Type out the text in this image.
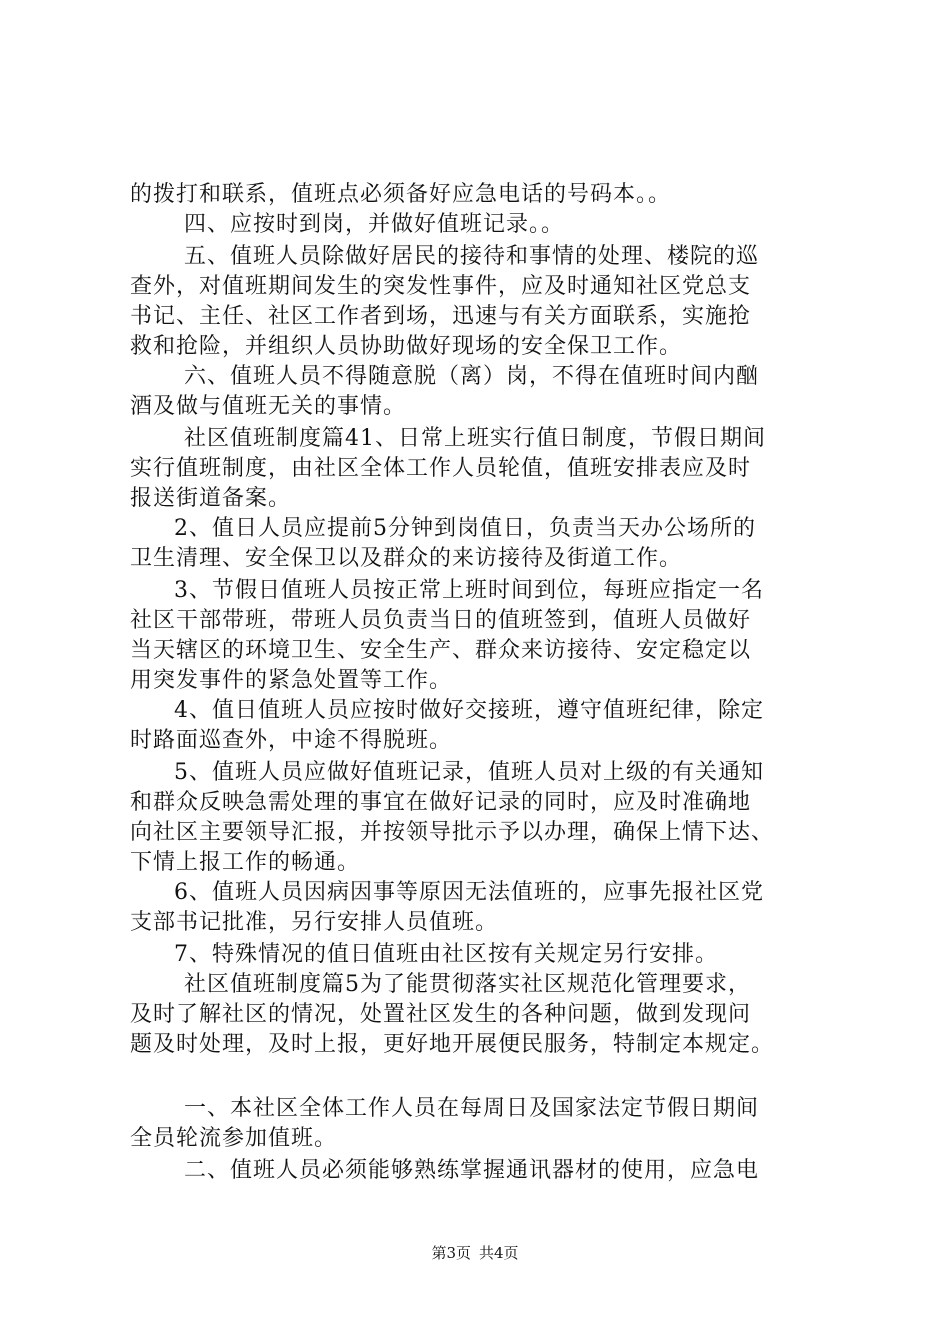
的拨打和联系，值班点必须备好应急电话的号码本。。
四、应按时到岗，并做好值班记录。。
五、值班人员除做好居民的接待和事情的处理、楼院的巡
查外，对值班期间发生的突发性事件，应及时通知社区党总支
书记、主任、社区工作者到场，迅速与有关方面联系，实施抢
救和抢险，并组织人员协助做好现场的安全保卫工作。
六、值班人员不得随意脱（离）岗，不得在值班时间内酗
酒及做与值班无关的事情。
社区值班制度篇41、日常上班实行值日制度，节假日期间
实行值班制度，由社区全体工作人员轮值，值班安排表应及时
报送街道备案。
2、值日人员应提前5分钟到岗值日，负责当天办公场所的
卫生清理、安全保卫以及群众的来访接待及街道工作。
3、节假日值班人员按正常上班时间到位，每班应指定一名
社区干部带班，带班人员负责当日的值班签到，值班人员做好
当天辖区的环境卫生、安全生产、群众来访接待、安定稳定以
用突发事件的紧急处置等工作。
4、值日值班人员应按时做好交接班，遵守值班纪律，除定
时路面巡查外，中途不得脱班。
5、值班人员应做好值班记录，值班人员对上级的有关通知
和群众反映急需处理的事宜在做好记录的同时，应及时准确地
向社区主要领导汇报，并按领导批示予以办理，确保上情下达、
下情上报工作的畅通。
6、值班人员因病因事等原因无法值班的，应事先报社区党
支部书记批准，另行安排人员值班。
7、特殊情况的值日值班由社区按有关规定另行安排。
社区值班制度篇5为了能贯彻落实社区规范化管理要求，
及时了解社区的情况，处置社区发生的各种问题，做到发现问
题及时处理，及时上报，更好地开展便民服务，特制定本规定。
一、本社区全体工作人员在每周日及国家法定节假日期间
全员轮流参加值班。
二、值班人员必须能够熟练掌握通讯器材的使用，应急电
第3页 共4页
